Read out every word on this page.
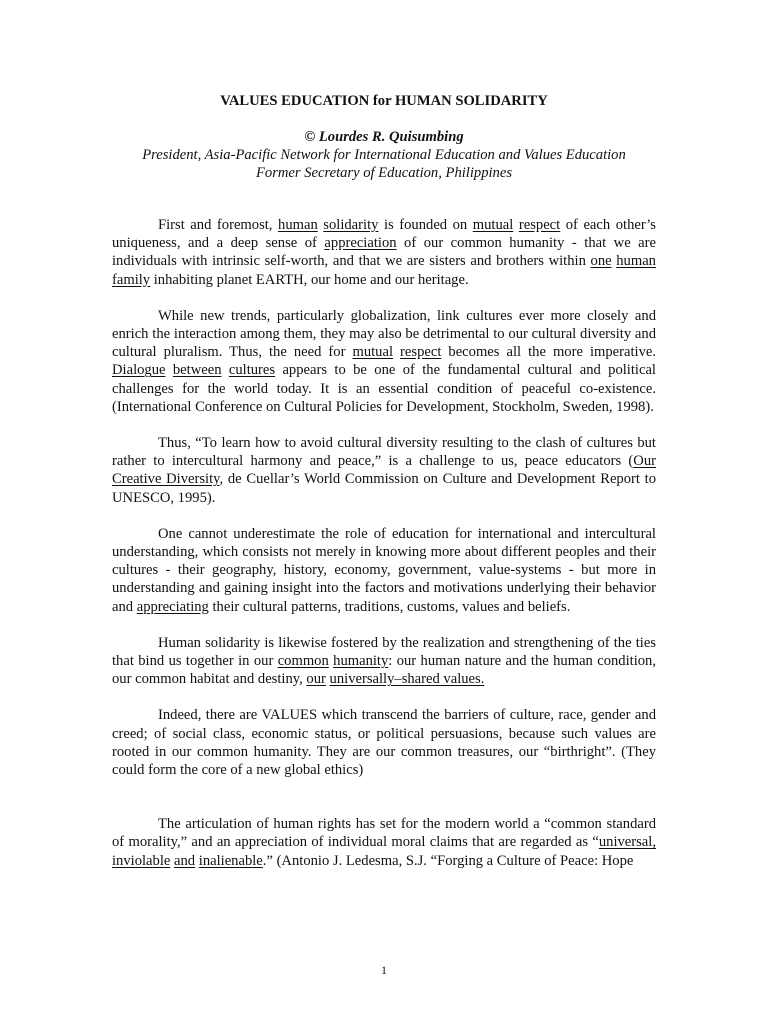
VALUES EDUCATION for HUMAN SOLIDARITY
© Lourdes R. Quisumbing
President, Asia-Pacific Network for International Education and Values Education
Former Secretary of Education, Philippines

First and foremost, human solidarity is founded on mutual respect of each other’s uniqueness, and a deep sense of appreciation of our common humanity - that we are individuals with intrinsic self-worth, and that we are sisters and brothers within one human family inhabiting planet EARTH, our home and our heritage.

While new trends, particularly globalization, link cultures ever more closely and enrich the interaction among them, they may also be detrimental to our cultural diversity and cultural pluralism. Thus, the need for mutual respect becomes all the more imperative. Dialogue between cultures appears to be one of the fundamental cultural and political challenges for the world today. It is an essential condition of peaceful co-existence. (International Conference on Cultural Policies for Development, Stockholm, Sweden, 1998).

Thus, “To learn how to avoid cultural diversity resulting to the clash of cultures but rather to intercultural harmony and peace,” is a challenge to us, peace educators (Our Creative Diversity, de Cuellar’s World Commission on Culture and Development Report to UNESCO, 1995).

One cannot underestimate the role of education for international and intercultural understanding, which consists not merely in knowing more about different peoples and their cultures - their geography, history, economy, government, value-systems - but more in understanding and gaining insight into the factors and motivations underlying their behavior and appreciating their cultural patterns, traditions, customs, values and beliefs.

Human solidarity is likewise fostered by the realization and strengthening of the ties that bind us together in our common humanity: our human nature and the human condition, our common habitat and destiny, our universally–shared values.

Indeed, there are VALUES which transcend the barriers of culture, race, gender and creed; of social class, economic status, or political persuasions, because such values are rooted in our common humanity. They are our common treasures, our “birthright”. (They could form the core of a new global ethics)

The articulation of human rights has set for the modern world a “common standard of morality,” and an appreciation of individual moral claims that are regarded as “universal, inviolable and inalienable.” (Antonio J. Ledesma, S.J. “Forging a Culture of Peace: Hope

1
